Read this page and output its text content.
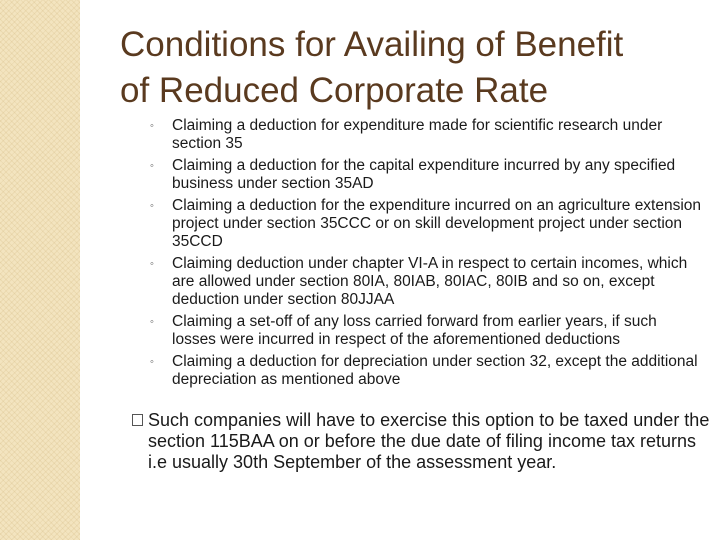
Conditions for Availing of Benefit
of Reduced Corporate Rate
◦ Claiming a deduction for expenditure made for scientific research under section 35
◦ Claiming a deduction for the capital expenditure incurred by any specified business under section 35AD
◦ Claiming a deduction for the expenditure incurred on an agriculture extension project under section 35CCC or on skill development project under section 35CCD
◦ Claiming deduction under chapter VI-A in respect to certain incomes, which are allowed under section 80IA, 80IAB, 80IAC, 80IB and so on, except deduction under section 80JJAA
◦ Claiming a set-off of any loss carried forward from earlier years, if such losses were incurred in respect of the aforementioned deductions
◦ Claiming a deduction for depreciation under section 32, except the additional depreciation as mentioned above
Such companies will have to exercise this option to be taxed under the section 115BAA on or before the due date of filing income tax returns i.e usually 30th September of the assessment year.
